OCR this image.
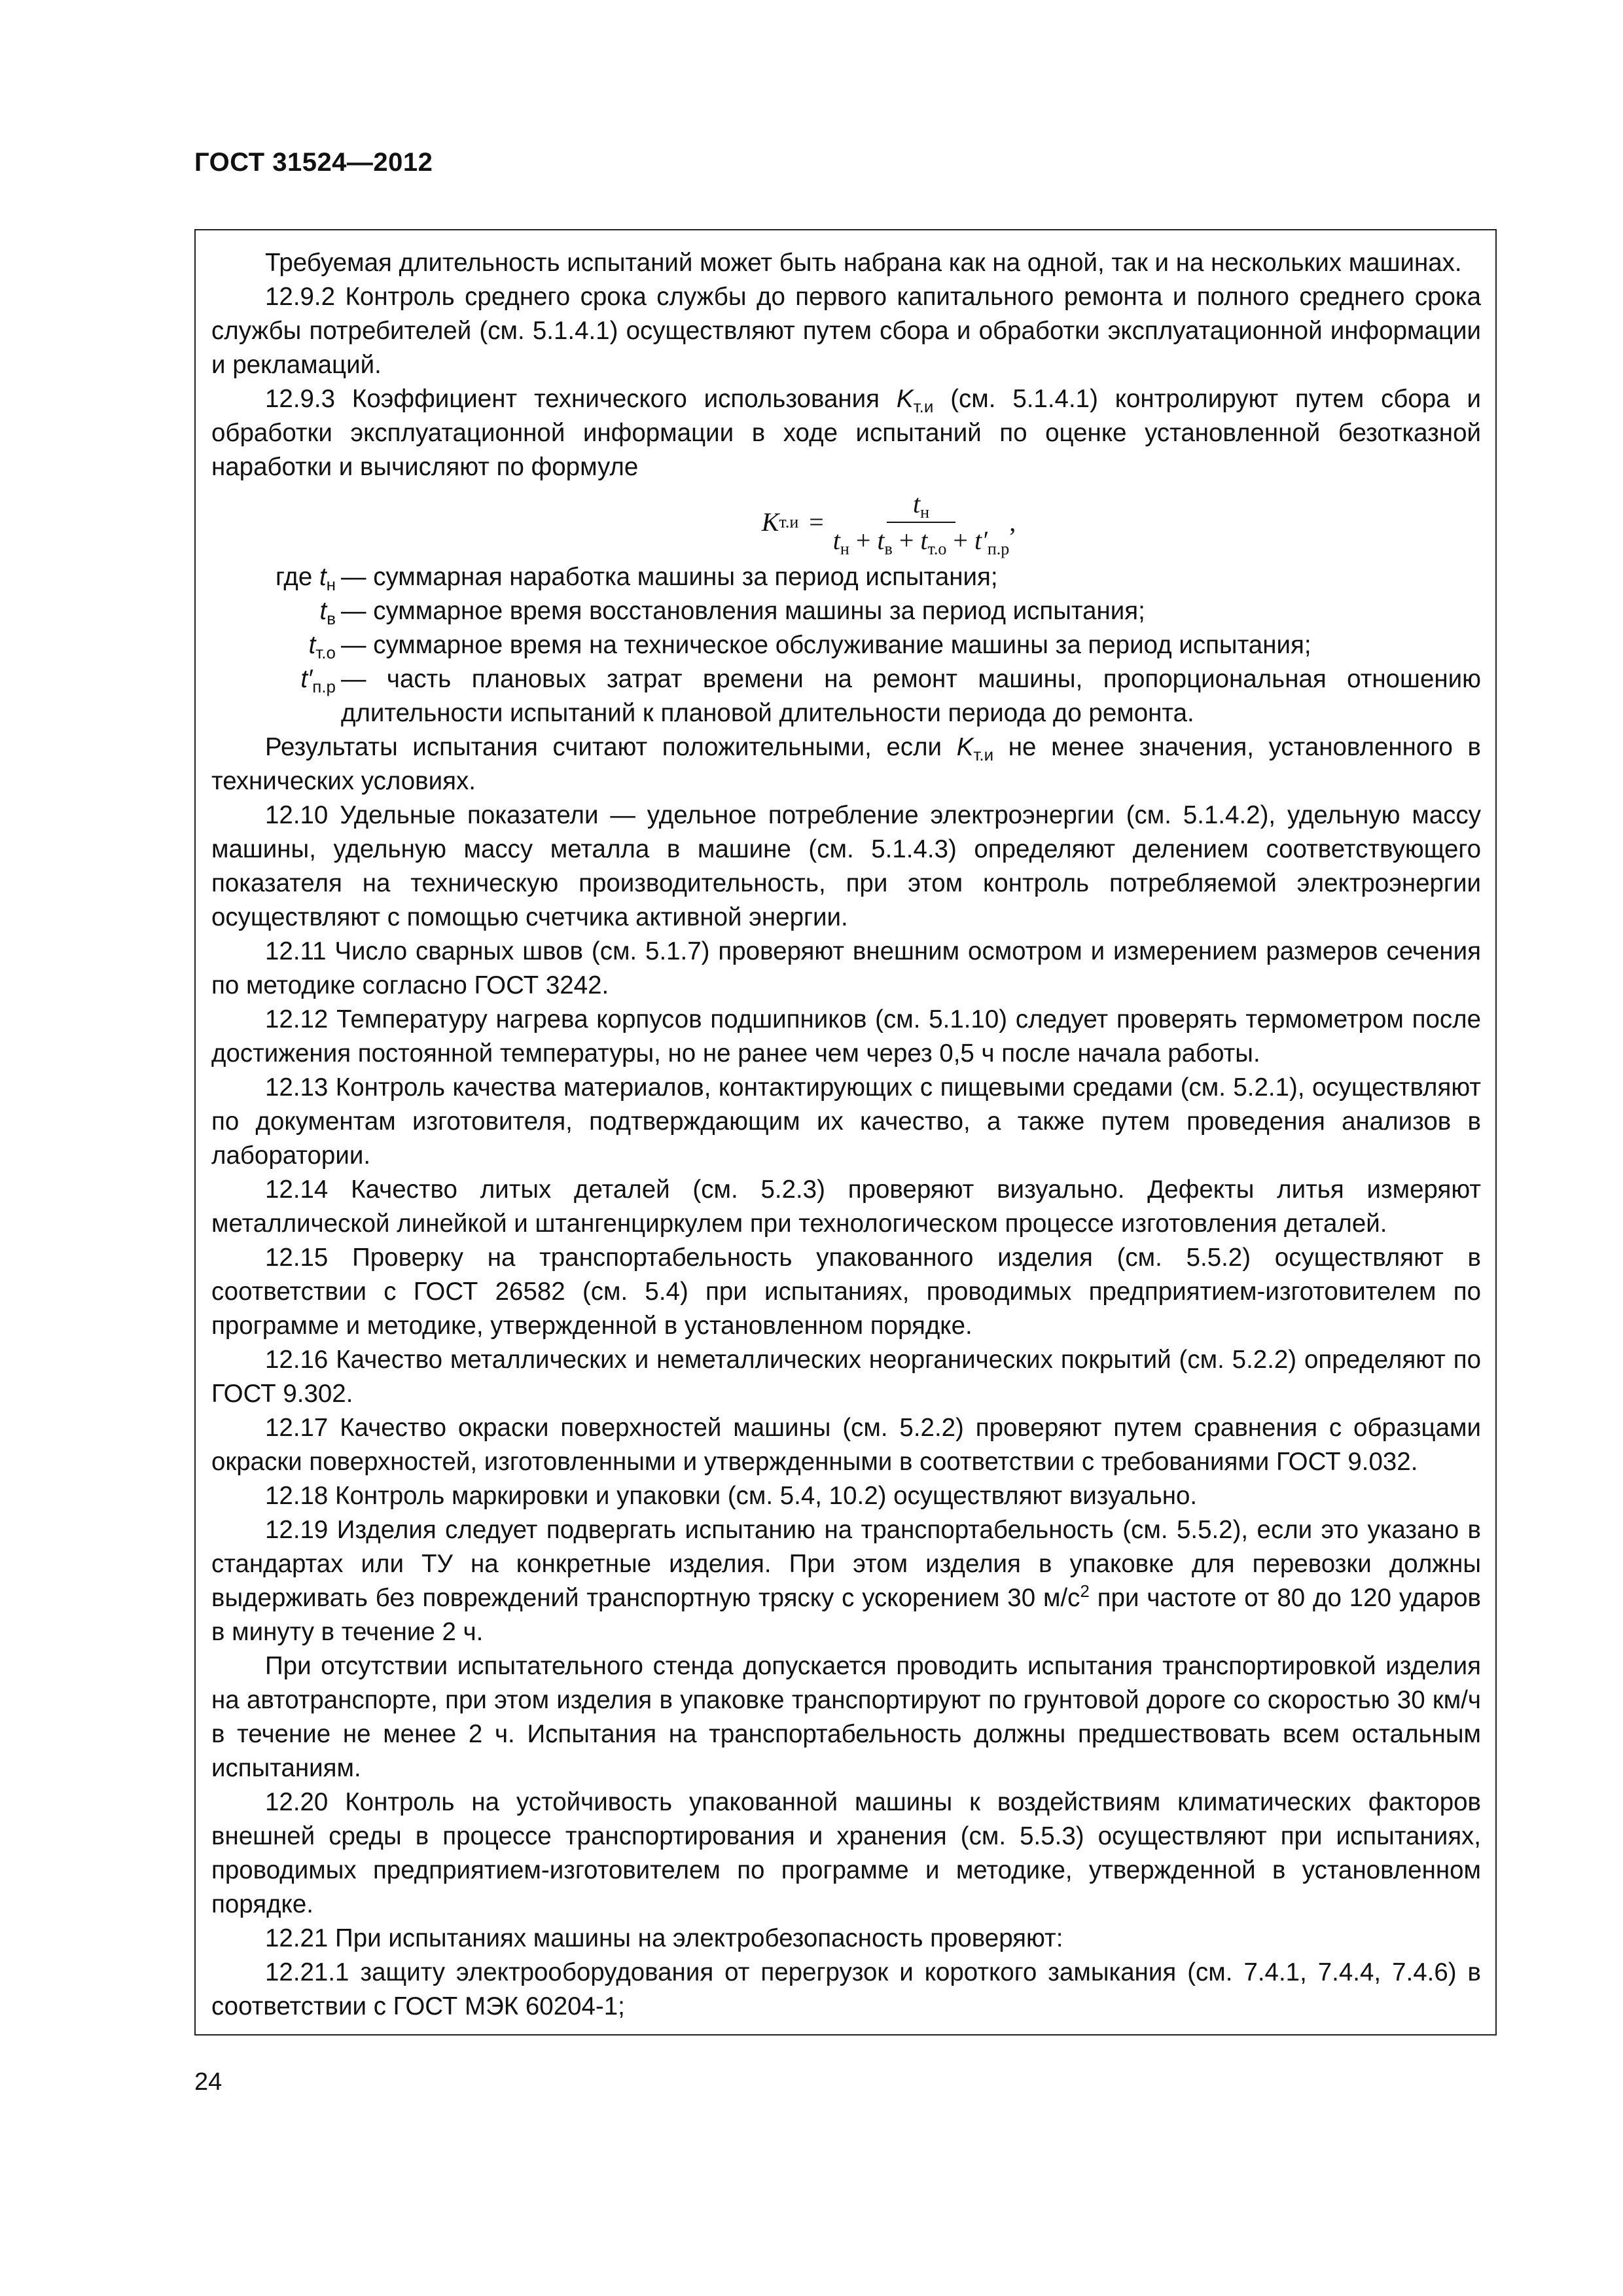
ГОСТ 31524—2012

Требуемая длительность испытаний может быть набрана как на одной, так и на нескольких машинах.

12.9.2 Контроль среднего срока службы до первого капитального ремонта и полного среднего срока службы потребителей (см. 5.1.4.1) осуществляют путем сбора и обработки эксплуатационной информации и рекламаций.

12.9.3 Коэффициент технического использования $K_{т.и}$ (см. 5.1.4.1) контролируют путем сбора и обработки эксплуатационной информации в ходе испытаний по оценке установленной безотказной наработки и вычисляют по формуле

K $т.и = \frac{t_н}{t_н + t_в + t_{т.о} + t'_{п.р}}$ ,
где $t_н$ — суммарная наработка машины за период испытания;
$t_в$ — суммарное время восстановления машины за период испытания;
$t_{т.о}$ — суммарное время на техническое обслуживание машины за период испытания;
$t'_{п.р}$ — часть плановых затрат времени на ремонт машины, пропорциональная отношению длительности испытаний к плановой длительности периода до ремонта.

Результаты испытания считают положительными, если $K_{т.и}$ не менее значения, установленного в технических условиях.

12.10 Удельные показатели — удельное потребление электроэнергии (см. 5.1.4.2), удельную массу машины, удельную массу металла в машине (см. 5.1.4.3) определяют делением соответствующего показателя на техническую производительность, при этом контроль потребляемой электроэнергии осуществляют с помощью счетчика активной энергии.

12.11 Число сварных швов (см. 5.1.7) проверяют внешним осмотром и измерением размеров сечения по методике согласно ГОСТ 3242.

12.12 Температуру нагрева корпусов подшипников (см. 5.1.10) следует проверять термометром после достижения постоянной температуры, но не ранее чем через 0,5 ч после начала работы.

12.13 Контроль качества материалов, контактирующих с пищевыми средами (см. 5.2.1), осуществляют по документам изготовителя, подтверждающим их качество, а также путем проведения анализов в лаборатории.

12.14 Качество литых деталей (см. 5.2.3) проверяют визуально. Дефекты литья измеряют металлической линейкой и штангенциркулем при технологическом процессе изготовления деталей.

12.15 Проверку на транспортабельность упакованного изделия (см. 5.5.2) осуществляют в соответствии с ГОСТ 26582 (см. 5.4) при испытаниях, проводимых предприятием-изготовителем по программе и методике, утвержденной в установленном порядке.

12.16 Качество металлических и неметаллических неорганических покрытий (см. 5.2.2) определяют по ГОСТ 9.302.

12.17 Качество окраски поверхностей машины (см. 5.2.2) проверяют путем сравнения с образцами окраски поверхностей, изготовленными и утвержденными в соответствии с требованиями ГОСТ 9.032.

12.18 Контроль маркировки и упаковки (см. 5.4, 10.2) осуществляют визуально.

12.19 Изделия следует подвергать испытанию на транспортабельность (см. 5.5.2), если это указано в стандартах или ТУ на конкретные изделия. При этом изделия в упаковке для перевозки должны выдерживать без повреждений транспортную тряску с ускорением 30 $м/с^2$ при частоте от 80 до 120 ударов в минуту в течение 2 ч.

При отсутствии испытательного стенда допускается проводить испытания транспортировкой изделия на автотранспорте, при этом изделия в упаковке транспортируют по грунтовой дороге со скоростью 30 км/ч в течение не менее 2 ч. Испытания на транспортабельность должны предшествовать всем остальным испытаниям.

12.20 Контроль на устойчивость упакованной машины к воздействиям климатических факторов внешней среды в процессе транспортирования и хранения (см. 5.5.3) осуществляют при испытаниях, проводимых предприятием-изготовителем по программе и методике, утвержденной в установленном порядке.

12.21 При испытаниях машины на электробезопасность проверяют:

12.21.1 защиту электрооборудования от перегрузок и короткого замыкания (см. 7.4.1, 7.4.4, 7.4.6) в соответствии с ГОСТ МЭК 60204-1;

24
